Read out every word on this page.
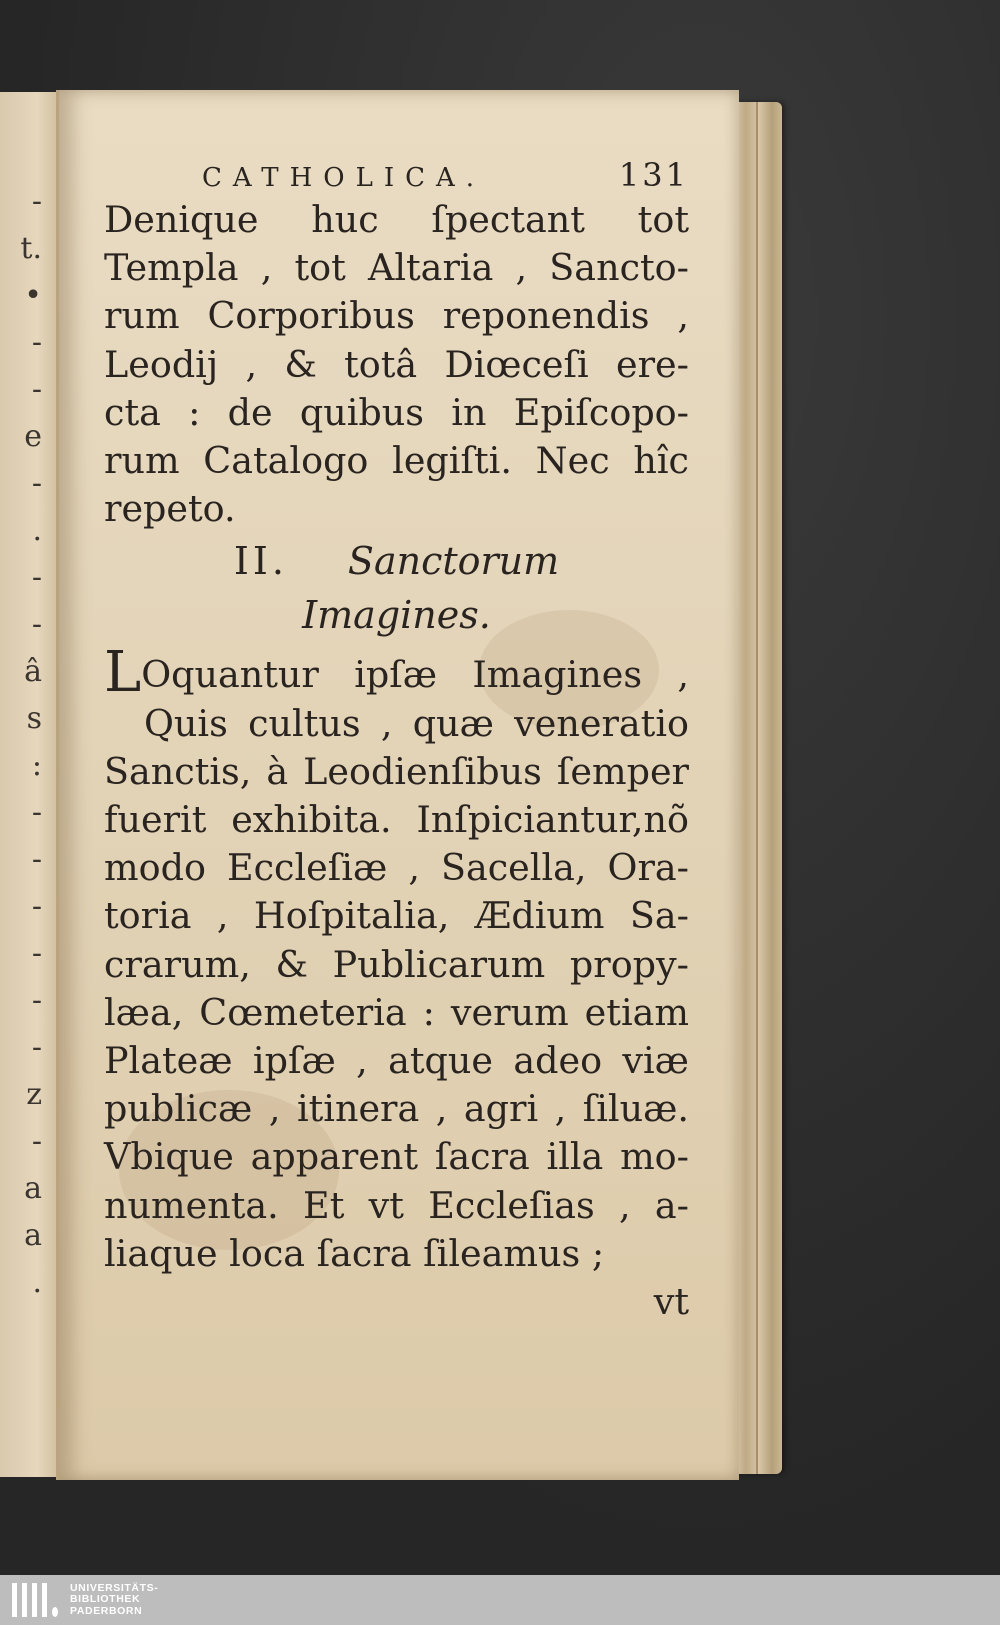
-
t.
•
-
-
e
-
.
-
-
â
s
:
-
-
-
-
-
-
z
-
a
a
.
CATHOLICA.	131
Denique huc ſpectant tot
Templa , tot Altaria , Sancto-
rum Corporibus reponendis ,
Leodij , & totâ Diœceſi ere-
cta : de quibus in Epiſcopo-
rum Catalogo legiſti. Nec hîc
repeto.
II. Sanctorum
Imagines.
LOquantur ipſæ Imagines ,
Quis cultus , quæ veneratio
Sanctis, à Leodienſibus ſemper
fuerit exhibita. Inſpiciantur,nõ
modo Eccleſiæ , Sacella, Ora-
toria , Hoſpitalia, Ædium Sa-
crarum, & Publicarum propy-
læa, Cœmeteria : verum etiam
Plateæ ipſæ , atque adeo viæ
publicæ , itinera , agri , ſiluæ.
Vbique apparent ſacra illa mo-
numenta. Et vt Eccleſias , a-
liaque loca ſacra ſileamus ;
vt
UNIVERSITÄTS-
BIBLIOTHEK
PADERBORN
